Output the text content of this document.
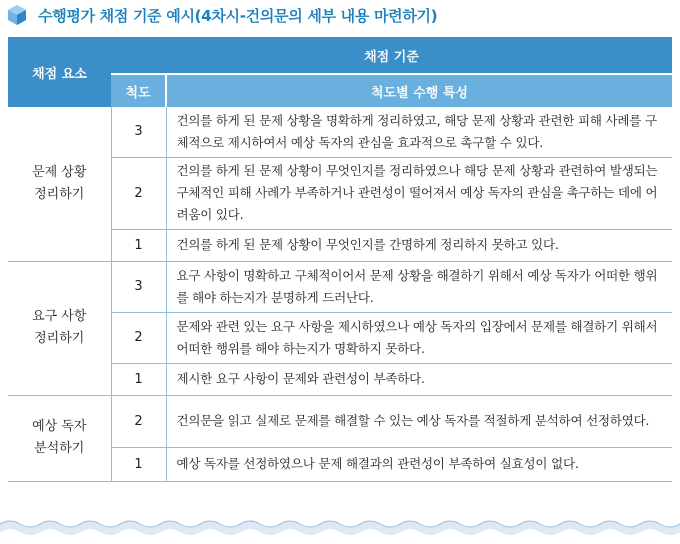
수행평가 채점 기준 예시(4차시-건의문의 세부 내용 마련하기)
채점 요소	채점 기준	
	척도	척도별 수행 특성

문제 상황
정리하기	3	건의를 하게 된 문제 상황을 명확하게 정리하였고, 해당 문제 상황과 관련한 피해 사례를 구체적으로 제시하여서 예상 독자의 관심을 효과적으로 촉구할 수 있다.
	2	건의를 하게 된 문제 상황이 무엇인지를 정리하였으나 해당 문제 상황과 관련하여 발생되는 구체적인 피해 사례가 부족하거나 관련성이 떨어져서 예상 독자의 관심을 촉구하는 데에 어려움이 있다.
	1	건의를 하게 된 문제 상황이 무엇인지를 간명하게 정리하지 못하고 있다.

요구 사항
정리하기	3	요구 사항이 명확하고 구체적이어서 문제 상황을 해결하기 위해서 예상 독자가 어떠한 행위를 해야 하는지가 분명하게 드러난다.
	2	문제와 관련 있는 요구 사항을 제시하였으나 예상 독자의 입장에서 문제를 해결하기 위해서 어떠한 행위를 해야 하는지가 명확하지 못하다.
	1	제시한 요구 사항이 문제와 관련성이 부족하다.

예상 독자
분석하기	2	건의문을 읽고 실제로 문제를 해결할 수 있는 예상 독자를 적절하게 분석하여 선정하였다.
	1	예상 독자를 선정하였으나 문제 해결과의 관련성이 부족하여 실효성이 없다.
